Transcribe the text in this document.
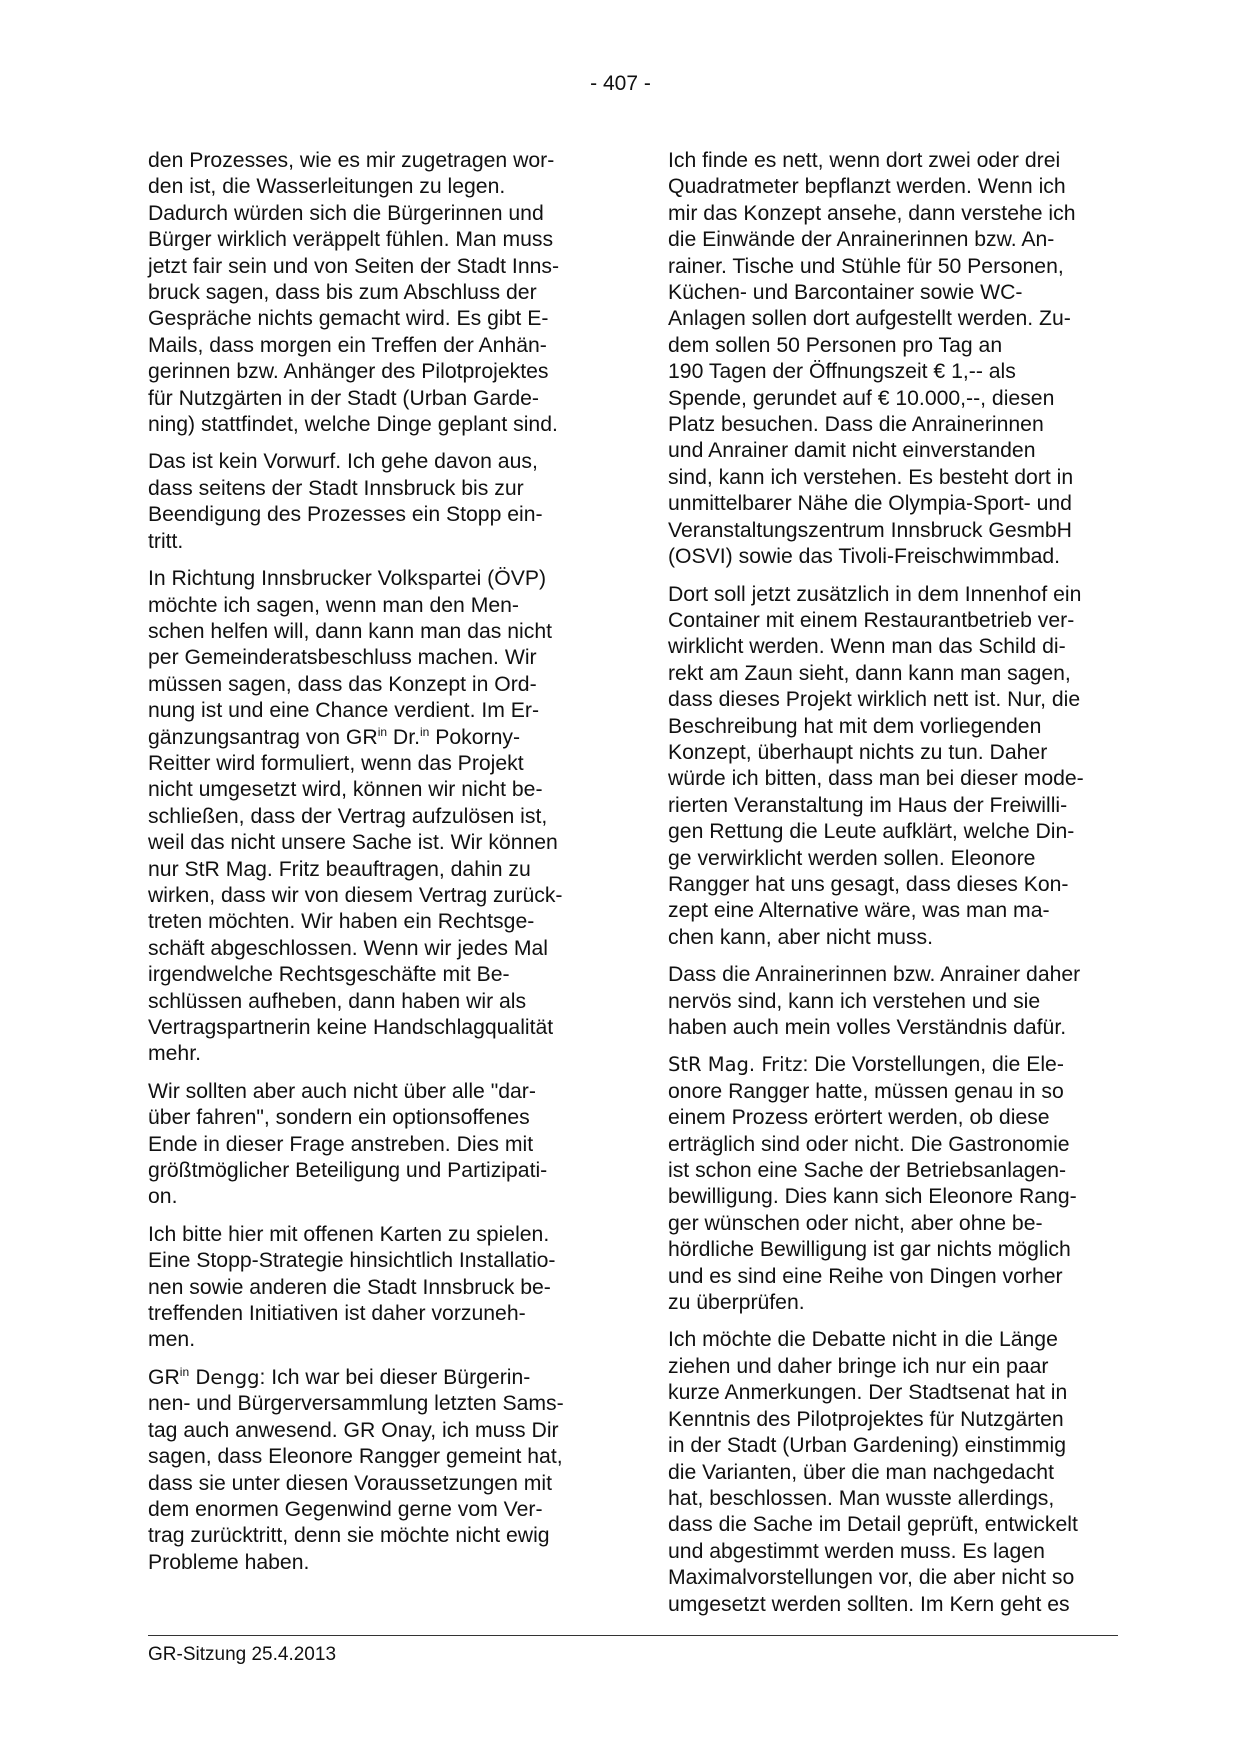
- 407 -

den Prozesses, wie es mir zugetragen wor-
den ist, die Wasserleitungen zu legen.
Dadurch würden sich die Bürgerinnen und
Bürger wirklich veräppelt fühlen. Man muss
jetzt fair sein und von Seiten der Stadt Inns-
bruck sagen, dass bis zum Abschluss der
Gespräche nichts gemacht wird. Es gibt E-
Mails, dass morgen ein Treffen der Anhän-
gerinnen bzw. Anhänger des Pilotprojektes
für Nutzgärten in der Stadt (Urban Garde-
ning) stattfindet, welche Dinge geplant sind.

Das ist kein Vorwurf. Ich gehe davon aus,
dass seitens der Stadt Innsbruck bis zur
Beendigung des Prozesses ein Stopp ein-
tritt.

In Richtung Innsbrucker Volkspartei (ÖVP)
möchte ich sagen, wenn man den Men-
schen helfen will, dann kann man das nicht
per Gemeinderatsbeschluss machen. Wir
müssen sagen, dass das Konzept in Ord-
nung ist und eine Chance verdient. Im Er-
gänzungsantrag von $GR^{in}$ Dr.$^{in}$ Pokorny-
Reitter wird formuliert, wenn das Projekt
nicht umgesetzt wird, können wir nicht be-
schließen, dass der Vertrag aufzulösen ist,
weil das nicht unsere Sache ist. Wir können
nur StR Mag. Fritz beauftragen, dahin zu
wirken, dass wir von diesem Vertrag zurück-
treten möchten. Wir haben ein Rechtsge-
schäft abgeschlossen. Wenn wir jedes Mal
irgendwelche Rechtsgeschäfte mit Be-
schlüssen aufheben, dann haben wir als
Vertragspartnerin keine Handschlagqualität
mehr.

Wir sollten aber auch nicht über alle "dar-
über fahren", sondern ein optionsoffenes
Ende in dieser Frage anstreben. Dies mit
größtmöglicher Beteiligung und Partizipati-
on.

Ich bitte hier mit offenen Karten zu spielen.
Eine Stopp-Strategie hinsichtlich Installatio-
nen sowie anderen die Stadt Innsbruck be-
treffenden Initiativen ist daher vorzuneh-
men.

$GR^{in}$ Dengg: Ich war bei dieser Bürgerin-
nen- und Bürgerversammlung letzten Sams-
tag auch anwesend. GR Onay, ich muss Dir
sagen, dass Eleonore Rangger gemeint hat,
dass sie unter diesen Voraussetzungen mit
dem enormen Gegenwind gerne vom Ver-
trag zurücktritt, denn sie möchte nicht ewig
Probleme haben.

Ich finde es nett, wenn dort zwei oder drei
Quadratmeter bepflanzt werden. Wenn ich
mir das Konzept ansehe, dann verstehe ich
die Einwände der Anrainerinnen bzw. An-
rainer. Tische und Stühle für 50 Personen,
Küchen- und Barcontainer sowie WC-
Anlagen sollen dort aufgestellt werden. Zu-
dem sollen 50 Personen pro Tag an
190 Tagen der Öffnungszeit € 1,-- als
Spende, gerundet auf € 10.000,--, diesen
Platz besuchen. Dass die Anrainerinnen
und Anrainer damit nicht einverstanden
sind, kann ich verstehen. Es besteht dort in
unmittelbarer Nähe die Olympia-Sport- und
Veranstaltungszentrum Innsbruck GesmbH
(OSVI) sowie das Tivoli-Freischwimmbad.

Dort soll jetzt zusätzlich in dem Innenhof ein
Container mit einem Restaurantbetrieb ver-
wirklicht werden. Wenn man das Schild di-
rekt am Zaun sieht, dann kann man sagen,
dass dieses Projekt wirklich nett ist. Nur, die
Beschreibung hat mit dem vorliegenden
Konzept, überhaupt nichts zu tun. Daher
würde ich bitten, dass man bei dieser mode-
rierten Veranstaltung im Haus der Freiwilli-
gen Rettung die Leute aufklärt, welche Din-
ge verwirklicht werden sollen. Eleonore
Rangger hat uns gesagt, dass dieses Kon-
zept eine Alternative wäre, was man ma-
chen kann, aber nicht muss.

Dass die Anrainerinnen bzw. Anrainer daher
nervös sind, kann ich verstehen und sie
haben auch mein volles Verständnis dafür.

StR Mag. Fritz: Die Vorstellungen, die Ele-
onore Rangger hatte, müssen genau in so
einem Prozess erörtert werden, ob diese
erträglich sind oder nicht. Die Gastronomie
ist schon eine Sache der Betriebsanlagen-
bewilligung. Dies kann sich Eleonore Rang-
ger wünschen oder nicht, aber ohne be-
hördliche Bewilligung ist gar nichts möglich
und es sind eine Reihe von Dingen vorher
zu überprüfen.

Ich möchte die Debatte nicht in die Länge
ziehen und daher bringe ich nur ein paar
kurze Anmerkungen. Der Stadtsenat hat in
Kenntnis des Pilotprojektes für Nutzgärten
in der Stadt (Urban Gardening) einstimmig
die Varianten, über die man nachgedacht
hat, beschlossen. Man wusste allerdings,
dass die Sache im Detail geprüft, entwickelt
und abgestimmt werden muss. Es lagen
Maximalvorstellungen vor, die aber nicht so
umgesetzt werden sollten. Im Kern geht es

GR-Sitzung 25.4.2013
